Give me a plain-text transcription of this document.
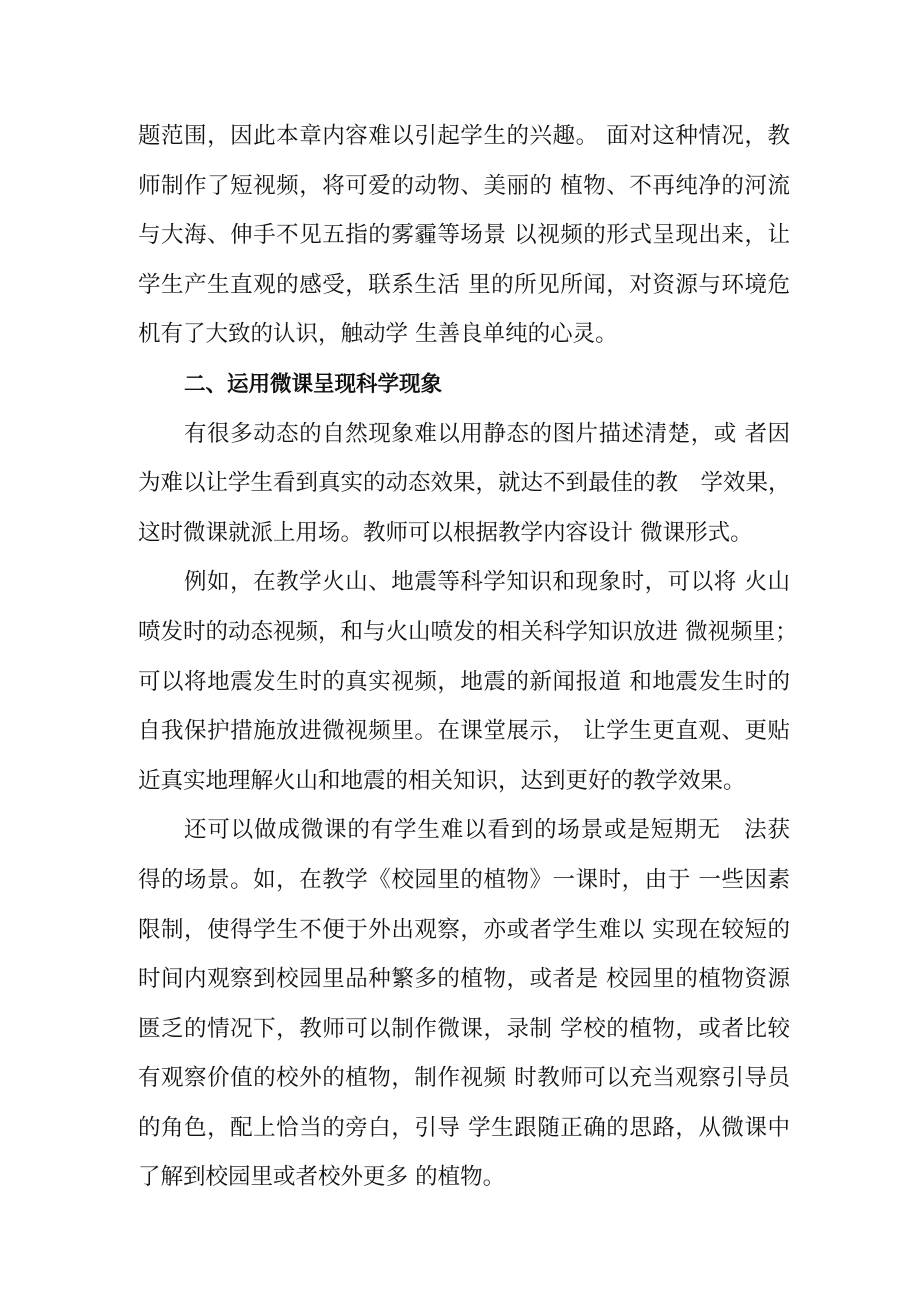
题范围，因此本章内容难以引起学生的兴趣。 面对这种情况，教
师制作了短视频，将可爱的动物、美丽的 植物、不再纯净的河流
与大海、伸手不见五指的雾霾等场景 以视频的形式呈现出来，让
学生产生直观的感受，联系生活 里的所见所闻，对资源与环境危
机有了大致的认识，触动学 生善良单纯的心灵。
二、运用微课呈现科学现象
有很多动态的自然现象难以用静态的图片描述清楚，或 者因
为难以让学生看到真实的动态效果，就达不到最佳的教　学效果，
这时微课就派上用场。教师可以根据教学内容设计 微课形式。
例如，在教学火山、地震等科学知识和现象时，可以将 火山
喷发时的动态视频，和与火山喷发的相关科学知识放进 微视频里；
可以将地震发生时的真实视频，地震的新闻报道 和地震发生时的
自我保护措施放进微视频里。在课堂展示， 让学生更直观、更贴
近真实地理解火山和地震的相关知识，达到更好的教学效果。
还可以做成微课的有学生难以看到的场景或是短期无　法获
得的场景。如，在教学《校园里的植物》一课时，由于 一些因素
限制，使得学生不便于外出观察，亦或者学生难以 实现在较短的
时间内观察到校园里品种繁多的植物，或者是 校园里的植物资源
匮乏的情况下，教师可以制作微课，录制 学校的植物，或者比较
有观察价值的校外的植物，制作视频 时教师可以充当观察引导员
的角色，配上恰当的旁白，引导 学生跟随正确的思路，从微课中
了解到校园里或者校外更多 的植物。
